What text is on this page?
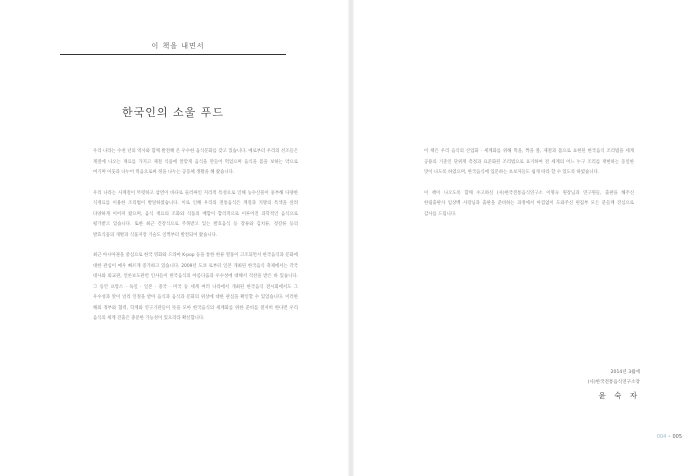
이 책을 내면서
한국인의 소울 푸드

우리 나라는 수천 년의 역사와 함께 발전해 온 우수한 음식문화를 갖고 있습니다. 예로부터 우리의 선조들은 계절에 나오는 재료를 가지고 제철 식품에 알맞게 음식을 만들어 먹었으며 음식을 몸을 보하는 약으로 여기며 이웃과 나누어 먹음으로써 정을 나누는 공동체 생활을 해 왔습니다.

우리 나라는 사계절이 뚜렷하고 삼면이 바다로 둘러싸인 지리적 특성으로 인해 농수산물이 풍부해 다양한 식재료를 이용한 조리법이 발달하였습니다. 이로 인해 우리의 전통음식은 계절과 지방의 특색을 살려 다양하게 이어져 왔으며, 음식 재료의 조화와 식품의 배합이 합리적으로 이루어진 과학적인 음식으로 평가받고 있습니다. 또한 최근 건강식으로 주목받고 있는 발효음식 등 장류와 김치류, 젓갈류 등의 발효식품의 개발과 식품저장 기술도 일찍부터 발전되어 왔습니다.

최근 아시아권을 중심으로 한국 영화와 드라마 K-pop 등을 통한 한류 열풍이 고조되면서 한국음식과 문화에 대한 관심이 매우 빠르게 증가하고 있습니다. 2009년 도쿄 로부터 일본 개최된 한국음식 축제에서는 각국 대사와 외교관, 언론보도관련 인사들이 한국음식의 아름다움과 우수성에 대해서 격찬을 받은 바 있습니다. 그 동안 프랑스 · 독일 · 일본 · 중국 · 미국 등 세계 여러 나라에서 개최된 한국음식 전시회에서도 그 우수성과 맛이 널리 인정을 받아 음식과 음식과 문화의 위상에 대한 관심을 확인할 수 있었습니다. 이러한 해외 정부와 협력, 학계와 연구기관들이 뜻을 모아 한국음식의 세계화를 위한 준비를 철저히 한다면 우리 음식의 세계 진출은 충분한 가능성이 있으리라 확신합니다.

이 책은 우리 음식의 산업화 · 세계화를 위해 먹을, 짝을 볼, 제철과 몸으로 표현된 한국음식 조리법을 세계 공용의 기준인 단위계 측정과 표준화된 조리법으로 표기하여 전 세계의 어느 누구 조리를 재현하는 동일한 맛이 나도록 하였으며, 한국음식에 입문하는 초보자들도 쉽게 따라 할 수 있도록 하였습니다.

이 책이 나오도록 함께 수고하신 (사)한국전통음식연구소 이명숙 원장님과 연구원들, 출판을 해주신 한림출판사 임상백 사장님과 출판을 준비하는 과정에서 아낌없이 도와주신 편집부 모든 분들께 진심으로 감사를 드립니다.

2014년 3월에
(사)한국전통음식연구소장
윤 숙 자
004 • 005
